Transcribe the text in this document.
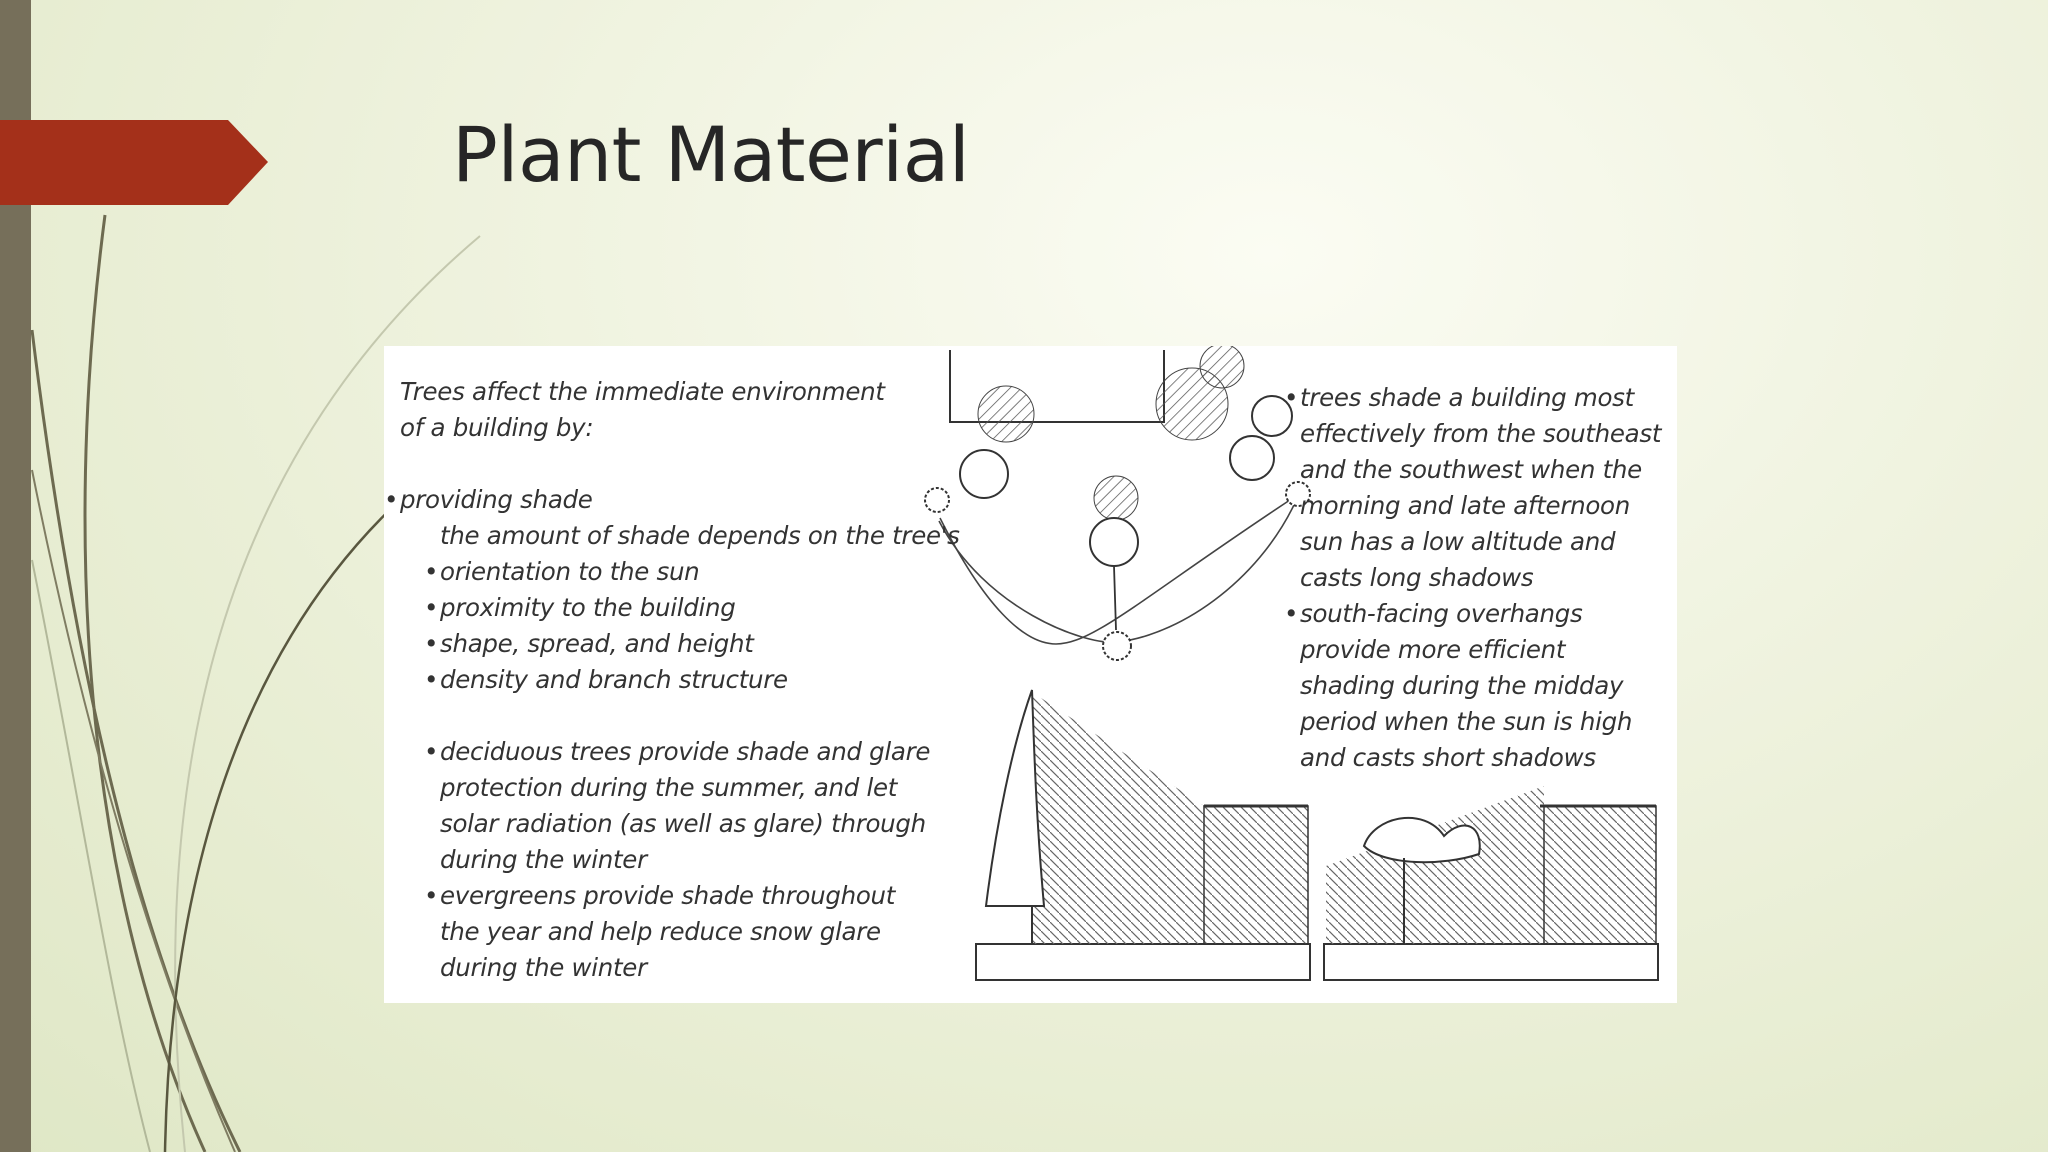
Plant Material
Trees affect the immediate environment
of a building by:

• providing shade
the amount of shade depends on the tree's
• orientation to the sun
• proximity to the building
• shape, spread, and height
• density and branch structure

• deciduous trees provide shade and glare
protection during the summer, and let
solar radiation (as well as glare) through
during the winter
• evergreens provide shade throughout
the year and help reduce snow glare
during the winter
• trees shade a building most
effectively from the southeast
and the southwest when the
morning and late afternoon
sun has a low altitude and
casts long shadows
• south-facing overhangs
provide more efficient
shading during the midday
period when the sun is high
and casts short shadows
